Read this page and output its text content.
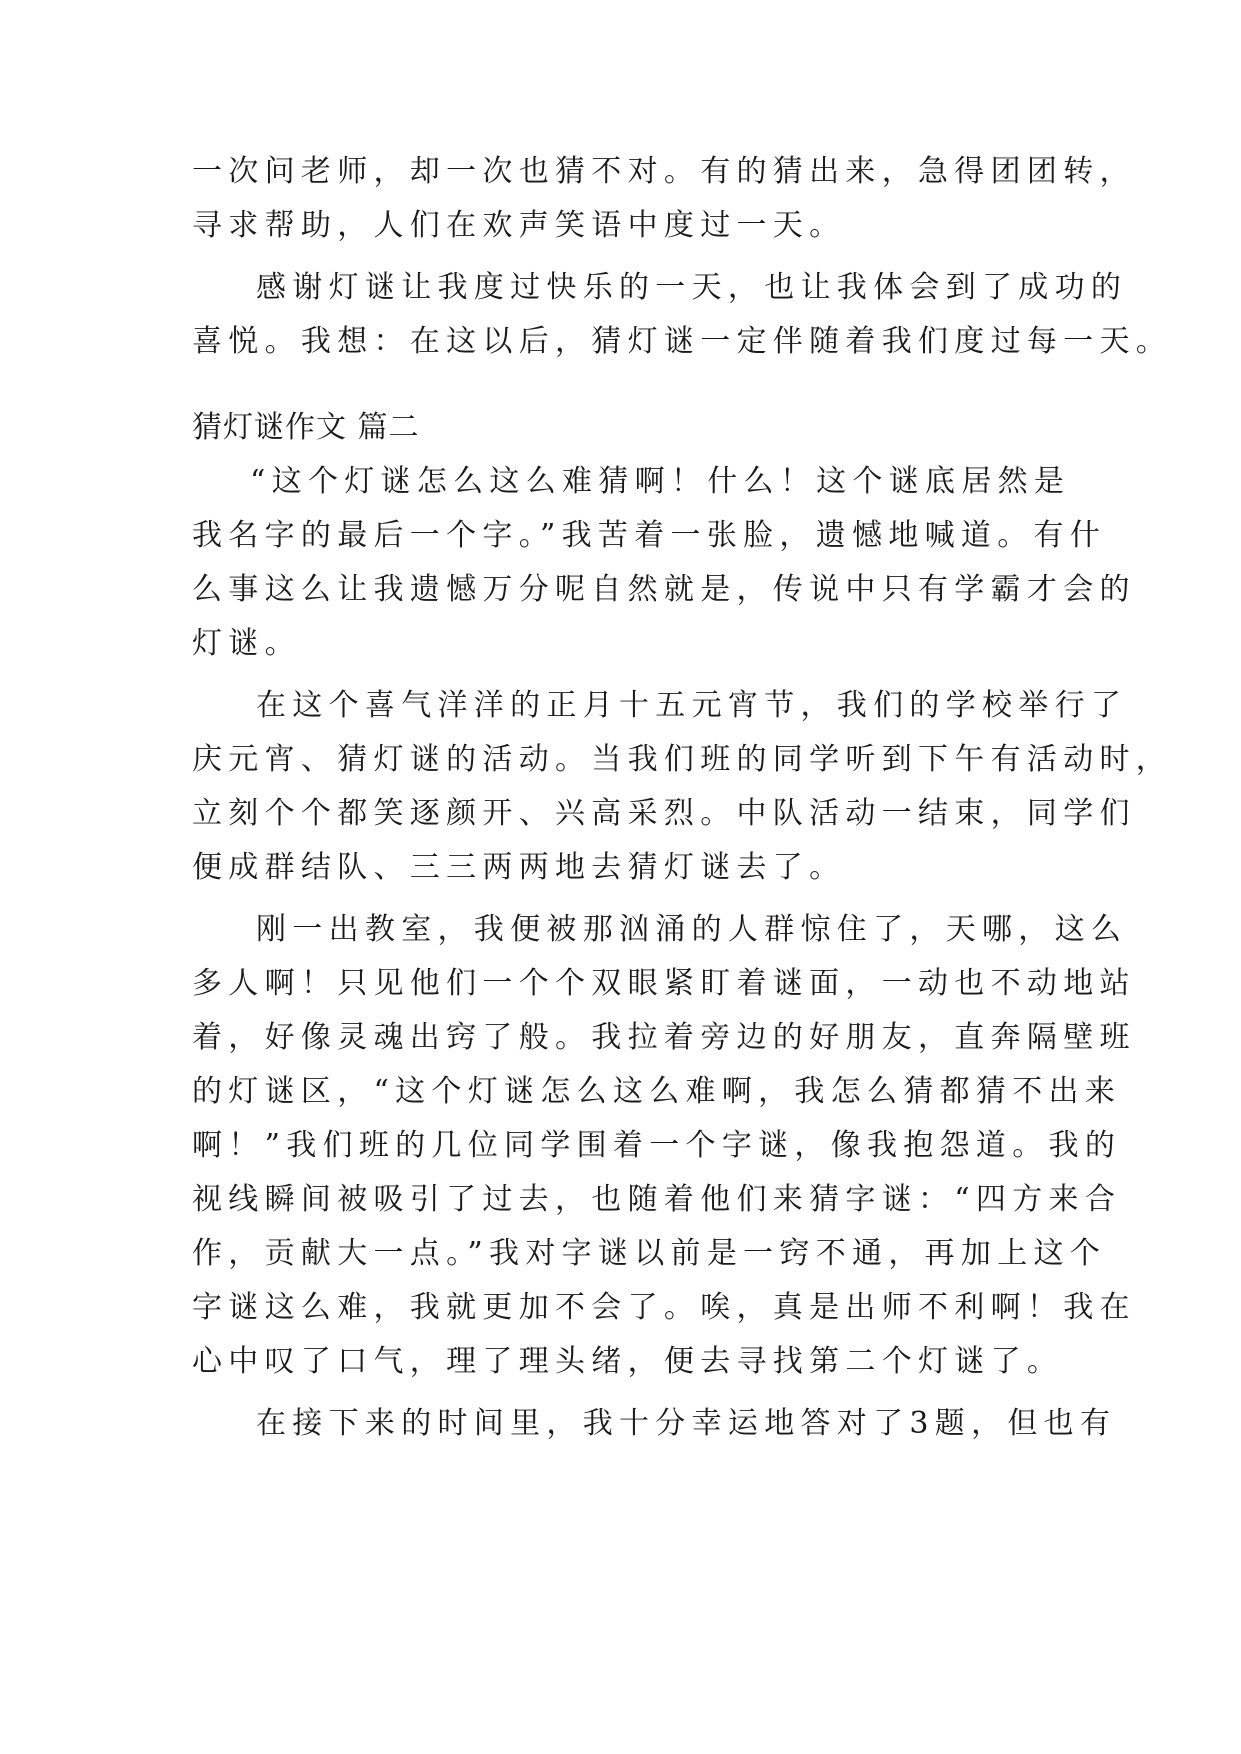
一次问老师，却一次也猜不对。有的猜出来，急得团团转，
寻求帮助，人们在欢声笑语中度过一天。
感谢灯谜让我度过快乐的一天，也让我体会到了成功的
喜悦。我想：在这以后，猜灯谜一定伴随着我们度过每一天。
猜灯谜作文 篇二
“这个灯谜怎么这么难猜啊！什么！这个谜底居然是
我名字的最后一个字。”我苦着一张脸，遗憾地喊道。有什
么事这么让我遗憾万分呢自然就是，传说中只有学霸才会的
灯谜。
在这个喜气洋洋的正月十五元宵节，我们的学校举行了
庆元宵、猜灯谜的活动。当我们班的同学听到下午有活动时，
立刻个个都笑逐颜开、兴高采烈。中队活动一结束，同学们
便成群结队、三三两两地去猜灯谜去了。
刚一出教室，我便被那汹涌的人群惊住了，天哪，这么
多人啊！只见他们一个个双眼紧盯着谜面，一动也不动地站
着，好像灵魂出窍了般。我拉着旁边的好朋友，直奔隔壁班
的灯谜区，“这个灯谜怎么这么难啊，我怎么猜都猜不出来
啊！”我们班的几位同学围着一个字谜，像我抱怨道。我的
视线瞬间被吸引了过去，也随着他们来猜字谜：“四方来合
作，贡献大一点。”我对字谜以前是一窍不通，再加上这个
字谜这么难，我就更加不会了。唉，真是出师不利啊！我在
心中叹了口气，理了理头绪，便去寻找第二个灯谜了。
在接下来的时间里，我十分幸运地答对了3题，但也有
